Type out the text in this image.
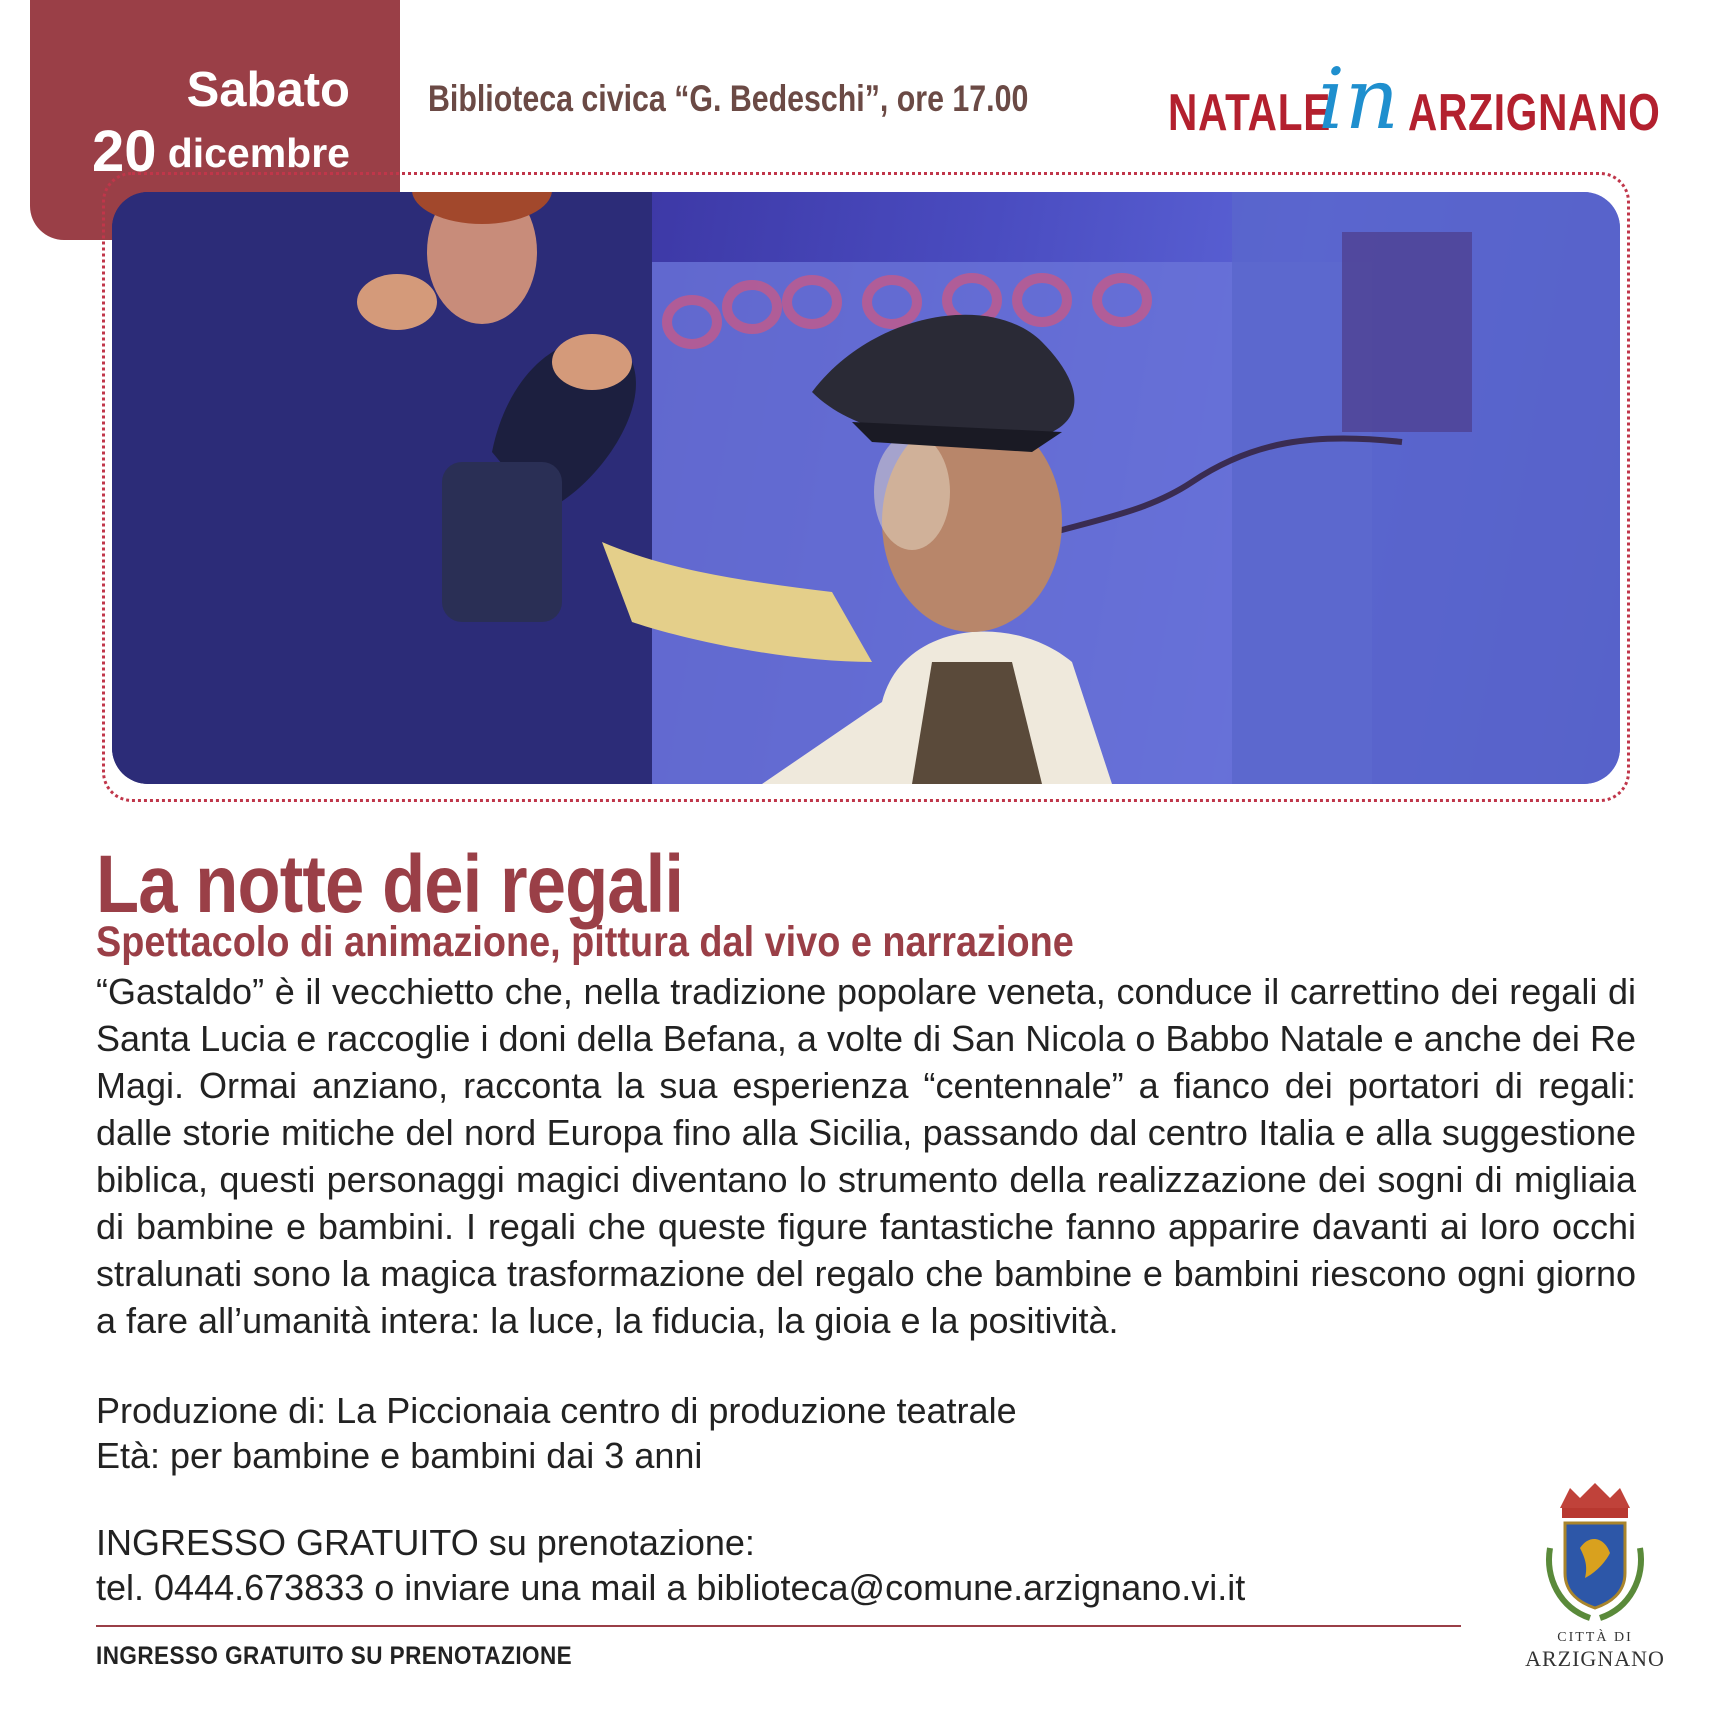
Sabato
20 dicembre
Biblioteca civica “G. Bedeschi”, ore 17.00	NATALE
in ARZIGNANO
La notte dei regali
Spettacolo di animazione, pittura dal vivo e narrazione
“Gastaldo” è il vecchietto che, nella tradizione popolare veneta, conduce il carrettino dei regali di Santa Lucia e raccoglie i doni della Befana, a volte di San Nicola o Babbo Natale e anche dei Re Magi. Ormai anziano, racconta la sua esperienza “centennale” a fianco dei portatori di regali: dalle storie mitiche del nord Europa fino alla Sicilia, passando dal centro Italia e alla suggestione biblica, questi personaggi magici diventano lo strumento della realizzazione dei sogni di migliaia di bambine e bambini. I regali che queste figure fantastiche fanno apparire davanti ai loro occhi stralunati sono la magica trasformazione del regalo che bambine e bambini riescono ogni giorno a fare all’umanità intera: la luce, la fiducia, la gioia e la positività.
Produzione di: La Piccionaia centro di produzione teatrale
Età: per bambine e bambini dai 3 anni
INGRESSO GRATUITO su prenotazione:
tel. 0444.673833 o inviare una mail a biblioteca@comune.arzignano.vi.it
INGRESSO GRATUITO SU PRENOTAZIONE
CITTÀ DI
ARZIGNANO
